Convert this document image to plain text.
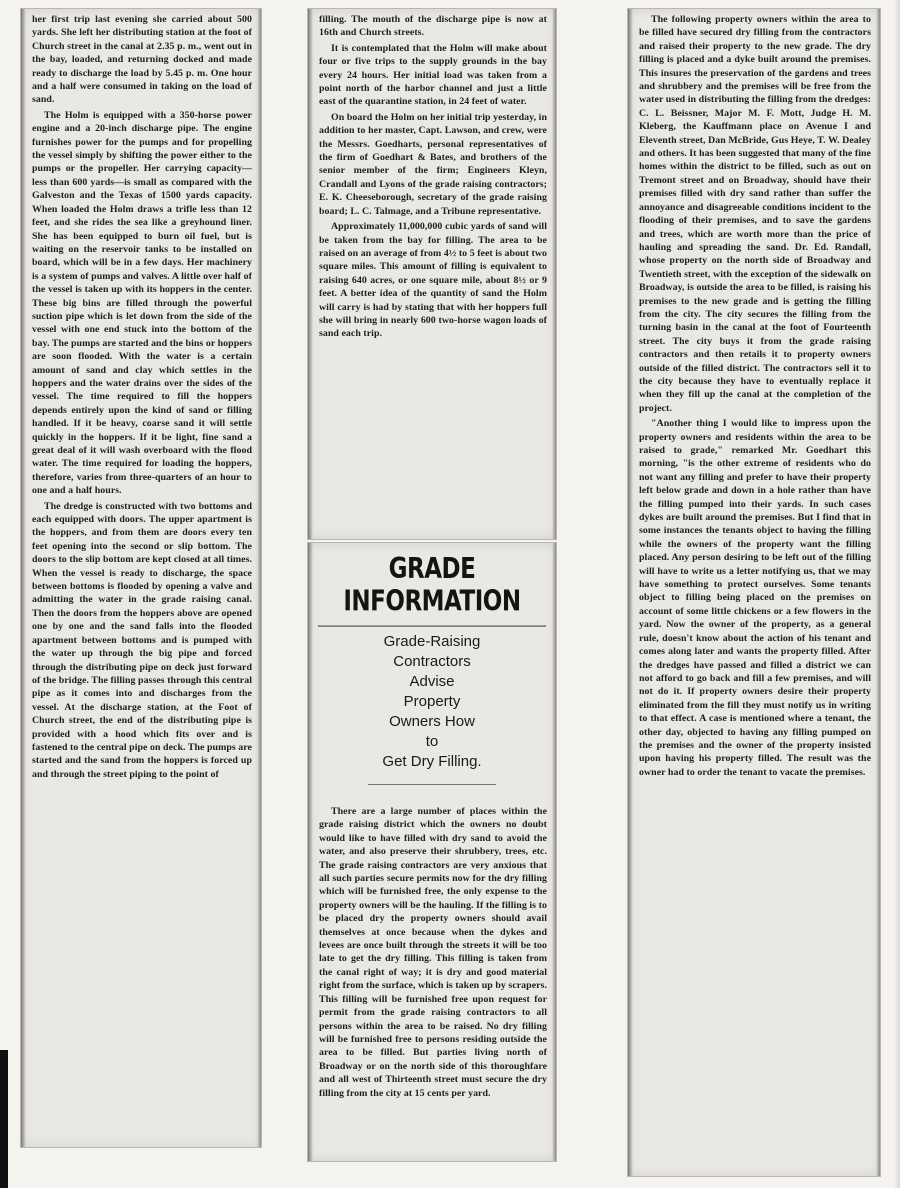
her first trip last evening she carried about 500 yards. She left her distributing station at the foot of Church street in the canal at 2.35 p. m., went out in the bay, loaded, and returning docked and made ready to discharge the load by 5.45 p. m. One hour and a half were consumed in taking on the load of sand.

The Holm is equipped with a 350-horse power engine and a 20-inch discharge pipe. The engine furnishes power for the pumps and for propelling the vessel simply by shifting the power either to the pumps or the propeller. Her carrying capacity—less than 600 yards—is small as compared with the Galveston and the Texas of 1500 yards capacity. When loaded the Holm draws a trifle less than 12 feet, and she rides the sea like a greyhound liner. She has been equipped to burn oil fuel, but is waiting on the reservoir tanks to be installed on board, which will be in a few days. Her machinery is a system of pumps and valves. A little over half of the vessel is taken up with its hoppers in the center. These big bins are filled through the powerful suction pipe which is let down from the side of the vessel with one end stuck into the bottom of the bay. The pumps are started and the bins or hoppers are soon flooded. With the water is a certain amount of sand and clay which settles in the hoppers and the water drains over the sides of the vessel. The time required to fill the hoppers depends entirely upon the kind of sand or filling handled. If it be heavy, coarse sand it will settle quickly in the hoppers. If it be light, fine sand a great deal of it will wash overboard with the flood water. The time required for loading the hoppers, therefore, varies from three-quarters of an hour to one and a half hours.

The dredge is constructed with two bottoms and each equipped with doors. The upper apartment is the hoppers, and from them are doors every ten feet opening into the second or slip bottom. The doors to the slip bottom are kept closed at all times. When the vessel is ready to discharge, the space between bottoms is flooded by opening a valve and admitting the water in the grade raising canal. Then the doors from the hoppers above are opened one by one and the sand falls into the flooded apartment between bottoms and is pumped with the water up through the big pipe and forced through the distributing pipe on deck just forward of the bridge. The filling passes through this central pipe as it comes into and discharges from the vessel. At the discharge station, at the Foot of Church street, the end of the distributing pipe is provided with a hood which fits over and is fastened to the central pipe on deck. The pumps are started and the sand from the hoppers is forced up and through the street piping to the point of

filling. The mouth of the discharge pipe is now at 16th and Church streets.

It is contemplated that the Holm will make about four or five trips to the supply grounds in the bay every 24 hours. Her initial load was taken from a point north of the harbor channel and just a little east of the quarantine station, in 24 feet of water.

On board the Holm on her initial trip yesterday, in addition to her master, Capt. Lawson, and crew, were the Messrs. Goedharts, personal representatives of the firm of Goedhart & Bates, and brothers of the senior member of the firm; Engineers Kleyn, Crandall and Lyons of the grade raising contractors; E. K. Cheeseborough, secretary of the grade raising board; L. C. Talmage, and a Tribune representative.

Approximately 11,000,000 cubic yards of sand will be taken from the bay for filling. The area to be raised on an average of from 4½ to 5 feet is about two square miles. This amount of filling is equivalent to raising 640 acres, or one square mile, about 8½ or 9 feet. A better idea of the quantity of sand the Holm will carry is had by stating that with her hoppers full she will bring in nearly 600 two-horse wagon loads of sand each trip.

GRADE INFORMATION
Grade-Raising Contractors Advise
Property Owners How to
Get Dry Filling.

There are a large number of places within the grade raising district which the owners no doubt would like to have filled with dry sand to avoid the water, and also preserve their shrubbery, trees, etc. The grade raising contractors are very anxious that all such parties secure permits now for the dry filling which will be furnished free, the only expense to the property owners will be the hauling. If the filling is to be placed dry the property owners should avail themselves at once because when the dykes and levees are once built through the streets it will be too late to get the dry filling. This filling is taken from the canal right of way; it is dry and good material right from the surface, which is taken up by scrapers. This filling will be furnished free upon request for permit from the grade raising contractors to all persons within the area to be raised. No dry filling will be furnished free to persons residing outside the area to be filled. But parties living north of Broadway or on the north side of this thoroughfare and all west of Thirteenth street must secure the dry filling from the city at 15 cents per yard.

The following property owners within the area to be filled have secured dry filling from the contractors and raised their property to the new grade. The dry filling is placed and a dyke built around the premises. This insures the preservation of the gardens and trees and shrubbery and the premises will be free from the water used in distributing the filling from the dredges: C. L. Beissner, Major M. F. Mott, Judge H. M. Kleberg, the Kauffmann place on Avenue I and Eleventh street, Dan McBride, Gus Heye, T. W. Dealey and others. It has been suggested that many of the fine homes within the district to be filled, such as out on Tremont street and on Broadway, should have their premises filled with dry sand rather than suffer the annoyance and disagreeable conditions incident to the flooding of their premises, and to save the gardens and trees, which are worth more than the price of hauling and spreading the sand. Dr. Ed. Randall, whose property on the north side of Broadway and Twentieth street, with the exception of the sidewalk on Broadway, is outside the area to be filled, is raising his premises to the new grade and is getting the filling from the city. The city secures the filling from the turning basin in the canal at the foot of Fourteenth street. The city buys it from the grade raising contractors and then retails it to property owners outside of the filled district. The contractors sell it to the city because they have to eventually replace it when they fill up the canal at the completion of the project.

"Another thing I would like to impress upon the property owners and residents within the area to be raised to grade," remarked Mr. Goedhart this morning, "is the other extreme of residents who do not want any filling and prefer to have their property left below grade and down in a hole rather than have the filling pumped into their yards. In such cases dykes are built around the premises. But I find that in some instances the tenants object to having the filling while the owners of the property want the filling placed. Any person desiring to be left out of the filling will have to write us a letter notifying us, that we may have something to protect ourselves. Some tenants object to filling being placed on the premises on account of some little chickens or a few flowers in the yard. Now the owner of the property, as a general rule, doesn't know about the action of his tenant and comes along later and wants the property filled. After the dredges have passed and filled a district we can not afford to go back and fill a few premises, and will not do it. If property owners desire their property eliminated from the fill they must notify us in writing to that effect. A case is mentioned where a tenant, the other day, objected to having any filling pumped on the premises and the owner of the property insisted upon having his property filled. The result was the owner had to order the tenant to vacate the premises.
